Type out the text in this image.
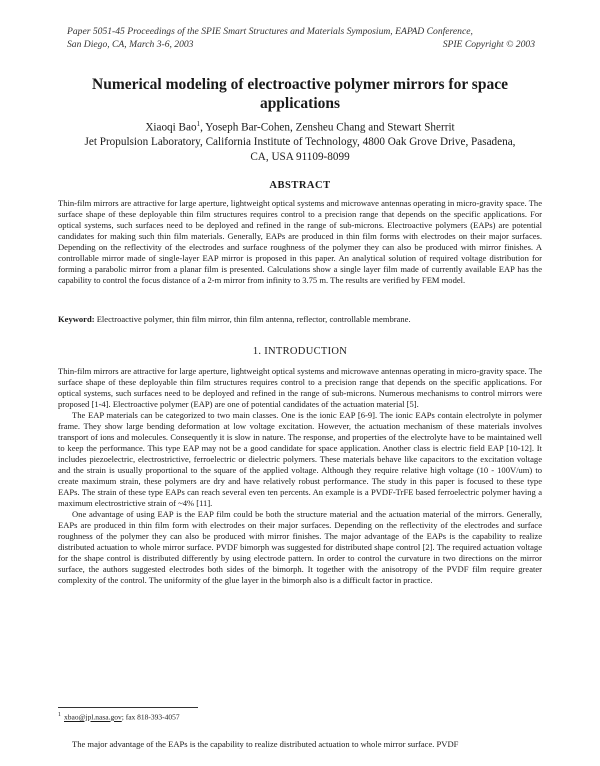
Paper 5051-45 Proceedings of the SPIE Smart Structures and Materials Symposium, EAPAD Conference,
San Diego, CA, March 3-6, 2003	SPIE Copyright © 2003
Numerical modeling of electroactive polymer mirrors for space
applications
Xiaoqi Bao$^1$, Yoseph Bar-Cohen, Zensheu Chang and Stewart Sherrit
Jet Propulsion Laboratory, California Institute of Technology, 4800 Oak Grove Drive, Pasadena,
CA, USA 91109-8099
ABSTRACT
Thin-film mirrors are attractive for large aperture, lightweight optical systems and microwave antennas operating in micro-gravity space. The surface shape of these deployable thin film structures requires control to a precision range that depends on the specific applications. For optical systems, such surfaces need to be deployed and refined in the range of sub-microns. Electroactive polymers (EAPs) are potential candidates for making such thin film materials. Generally, EAPs are produced in thin film forms with electrodes on their major surfaces. Depending on the reflectivity of the electrodes and surface roughness of the polymer they can also be produced with mirror finishes. A controllable mirror made of single-layer EAP mirror is proposed in this paper. An analytical solution of required voltage distribution for forming a parabolic mirror from a planar film is presented. Calculations show a single layer film made of currently available EAP has the capability to control the focus distance of a 2-m mirror from infinity to 3.75 m. The results are verified by FEM model.
Keyword: Electroactive polymer, thin film mirror, thin film antenna, reflector, controllable membrane.
1. INTRODUCTION

Thin-film mirrors are attractive for large aperture, lightweight optical systems and microwave antennas operating in micro-gravity space. The surface shape of these deployable thin film structures requires control to a precision range that depends on the specific applications. For optical systems, such surfaces need to be deployed and refined in the range of sub-microns. Numerous mechanisms to control mirrors were proposed [1-4]. Electroactive polymer (EAP) are one of potential candidates of the actuation material [5].

The EAP materials can be categorized to two main classes. One is the ionic EAP [6-9]. The ionic EAPs contain electrolyte in polymer frame. They show large bending deformation at low voltage excitation. However, the actuation mechanism of these materials involves transport of ions and molecules. Consequently it is slow in nature. The response, and properties of the electrolyte have to be maintained well to keep the performance. This type EAP may not be a good candidate for space application. Another class is electric field EAP [10-12]. It includes piezoelectric, electrostrictive, ferroelectric or dielectric polymers. These materials behave like capacitors to the excitation voltage and the strain is usually proportional to the square of the applied voltage. Although they require relative high voltage (10 - 100V/um) to create maximum strain, these polymers are dry and have relatively robust performance. The study in this paper is focused to these type EAPs. The strain of these type EAPs can reach several even ten percents. An example is a PVDF-TrFE based ferroelectric polymer having a maximum electrostrictive strain of ~4% [11].

One advantage of using EAP is the EAP film could be both the structure material and the actuation material of the mirrors. Generally, EAPs are produced in thin film form with electrodes on their major surfaces. Depending on the reflectivity of the electrodes and surface roughness of the polymer they can also be produced with mirror finishes. The major advantage of the EAPs is the capability to realize distributed actuation to whole mirror surface. PVDF bimorph was suggested for distributed shape control [2]. The required actuation voltage for the shape control is distributed differently by using electrode pattern. In order to control the curvature in two directions on the mirror surface, the authors suggested electrodes both sides of the bimorph. It together with the anisotropy of the PVDF film require greater complexity of the control. The uniformity of the glue layer in the bimorph also is a difficult factor in practice.

$^1$ xbao@jpl.nasa.gov; fax 818-393-4057
The major advantage of the EAPs is the capability to realize distributed actuation to whole mirror surface. PVDF
